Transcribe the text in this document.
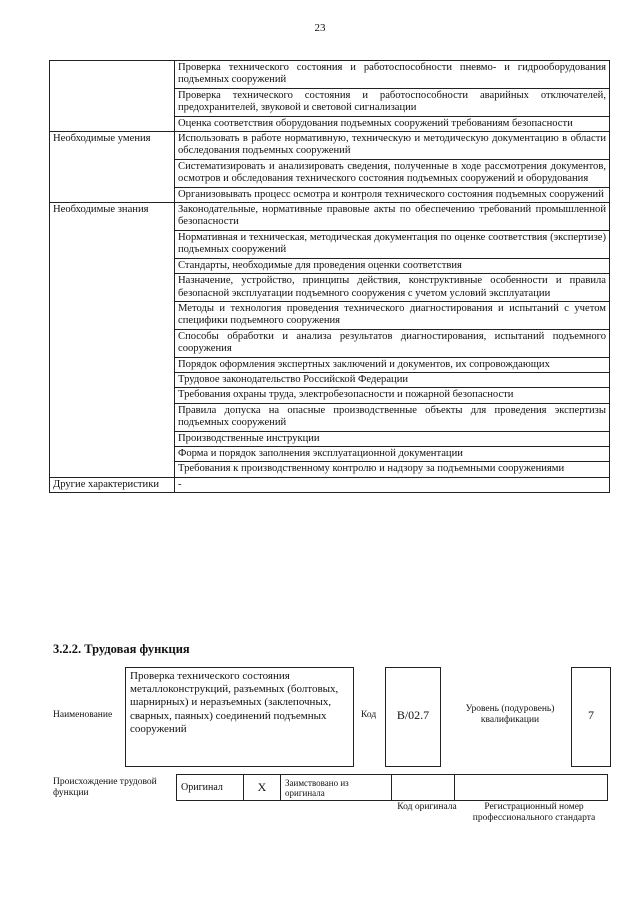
23
	Проверка технического состояния и работоспособности пневмо- и гидрооборудования подъемных сооружений
	Проверка технического состояния и работоспособности аварийных отключателей, предохранителей, звуковой и световой сигнализации
	Оценка соответствия оборудования подъемных сооружений требованиям безопасности
Необходимые умения	Использовать в работе нормативную, техническую и методическую документацию в области обследования подъемных сооружений
	Систематизировать и анализировать сведения, полученные в ходе рассмотрения документов, осмотров и обследования технического состояния подъемных сооружений и оборудования
	Организовывать процесс осмотра и контроля технического состояния подъемных сооружений
Необходимые знания	Законодательные, нормативные правовые акты по обеспечению требований промышленной безопасности
	Нормативная и техническая, методическая документация по оценке соответствия (экспертизе) подъемных сооружений
	Стандарты, необходимые для проведения оценки соответствия
	Назначение, устройство, принципы действия, конструктивные особенности и правила безопасной эксплуатации подъемного сооружения с учетом условий эксплуатации
	Методы и технология проведения технического диагностирования и испытаний с учетом специфики подъемного сооружения
	Способы обработки и анализа результатов диагностирования, испытаний подъемного сооружения
	Порядок оформления экспертных заключений и документов, их сопровождающих
	Трудовое законодательство Российской Федерации
	Требования охраны труда, электробезопасности и пожарной безопасности
	Правила допуска на опасные производственные объекты для проведения экспертизы подъемных сооружений
	Производственные инструкции
	Форма и порядок заполнения эксплуатационной документации
	Требования к производственному контролю и надзору за подъемными сооружениями
Другие характеристики	-
3.2.2. Трудовая функция
Наименование
Проверка технического состояния металлоконструкций, разъемных (болтовых, шарнирных) и неразъемных (заклепочных, сварных, паяных) соединений подъемных сооружений
Код	B/02.7	Уровень (подуровень) квалификации	7
Происхождение трудовой функции	Оригинал	X	Заимствовано из оригинала		
Код оригинала	Регистрационный номер профессионального стандарта
